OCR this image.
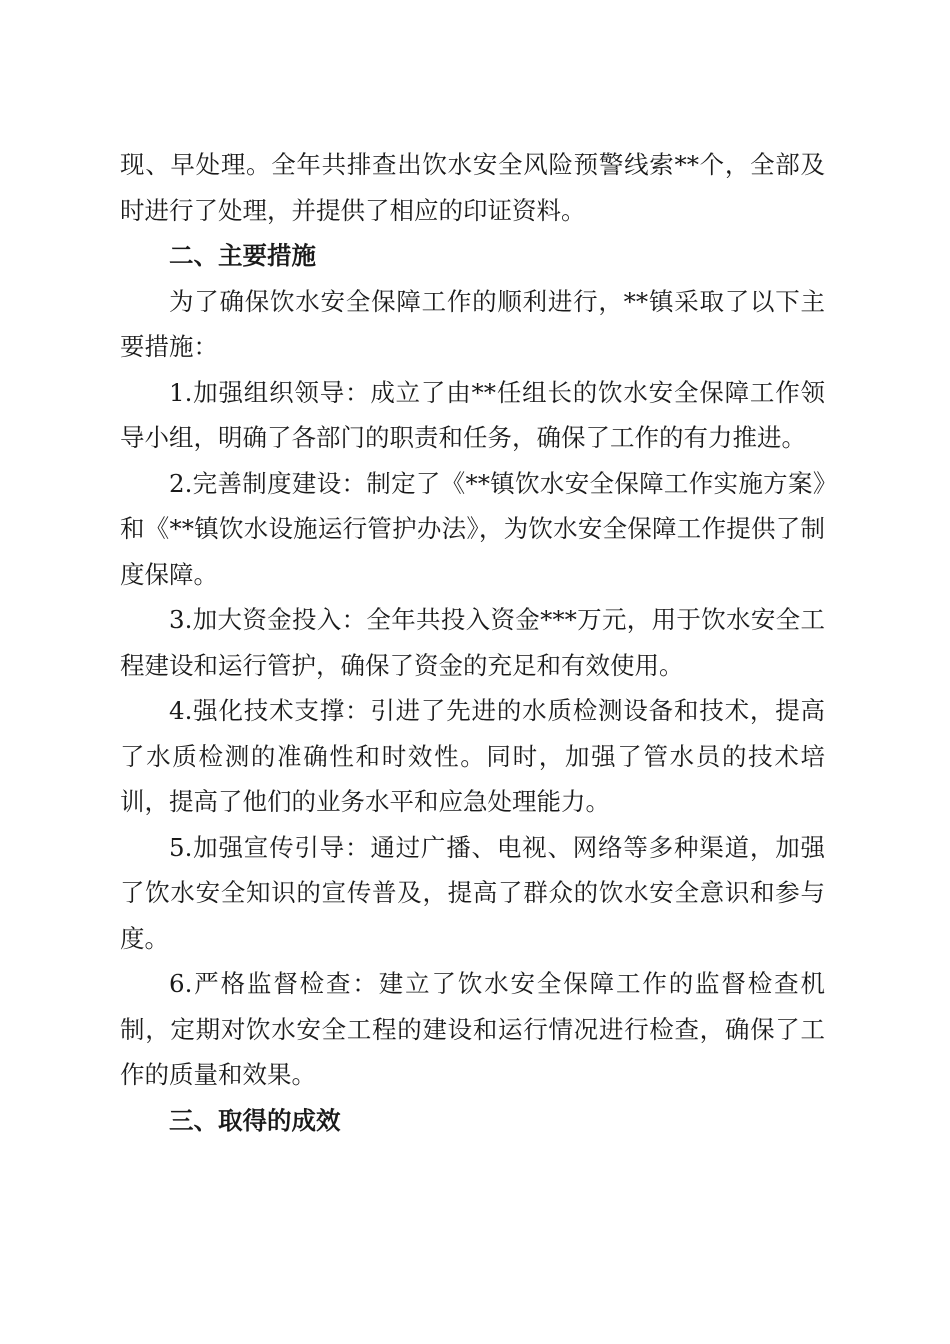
现、早处理。全年共排查出饮水安全风险预警线索**个，全部及时进行了处理，并提供了相应的印证资料。

二、主要措施

为了确保饮水安全保障工作的顺利进行，**镇采取了以下主要措施：

1.加强组织领导：成立了由**任组长的饮水安全保障工作领导小组，明确了各部门的职责和任务，确保了工作的有力推进。

2.完善制度建设：制定了《**镇饮水安全保障工作实施方案》和《**镇饮水设施运行管护办法》，为饮水安全保障工作提供了制度保障。

3.加大资金投入：全年共投入资金***万元，用于饮水安全工程建设和运行管护，确保了资金的充足和有效使用。

4.强化技术支撑：引进了先进的水质检测设备和技术，提高了水质检测的准确性和时效性。同时，加强了管水员的技术培训，提高了他们的业务水平和应急处理能力。

5.加强宣传引导：通过广播、电视、网络等多种渠道，加强了饮水安全知识的宣传普及，提高了群众的饮水安全意识和参与度。

6.严格监督检查：建立了饮水安全保障工作的监督检查机制，定期对饮水安全工程的建设和运行情况进行检查，确保了工作的质量和效果。

三、取得的成效
